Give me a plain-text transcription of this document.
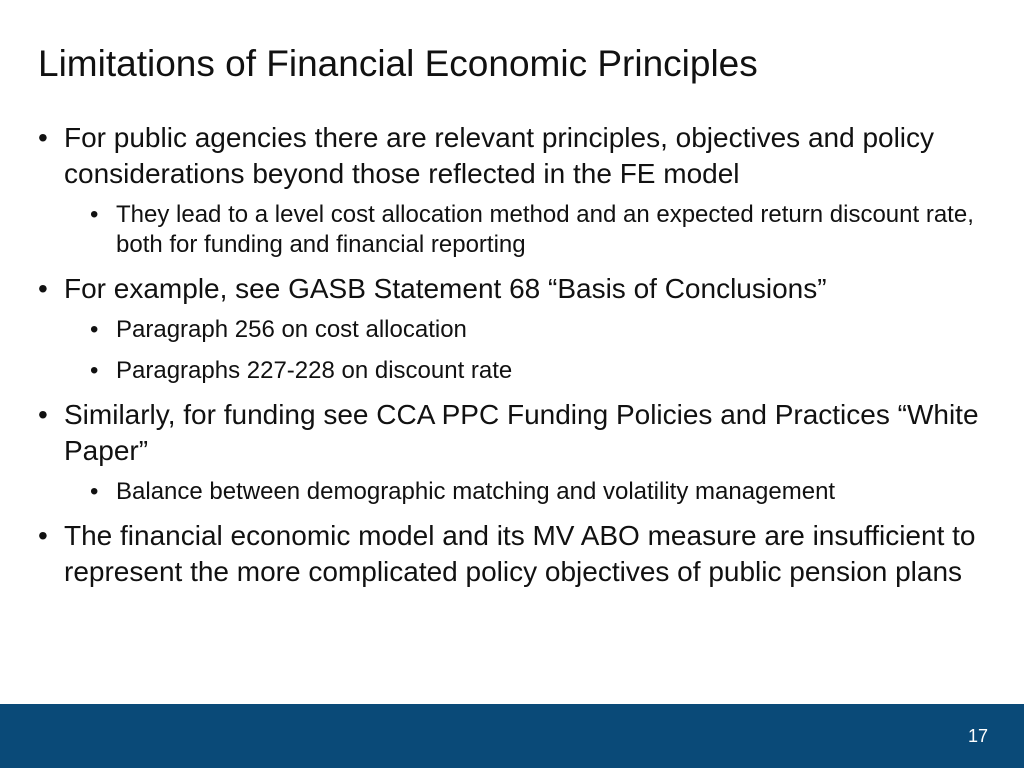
Limitations of Financial Economic Principles
• For public agencies there are relevant principles, objectives and policy considerations beyond those reflected in the FE model
• They lead to a level cost allocation method and an expected return discount rate, both for funding and financial reporting
• For example, see GASB Statement 68 “Basis of Conclusions”
• Paragraph 256 on cost allocation
• Paragraphs 227-228 on discount rate
• Similarly, for funding see CCA PPC Funding Policies and Practices “White Paper”
• Balance between demographic matching and volatility management
• The financial economic model and its MV ABO measure are insufficient to represent the more complicated policy objectives of public pension plans
17
